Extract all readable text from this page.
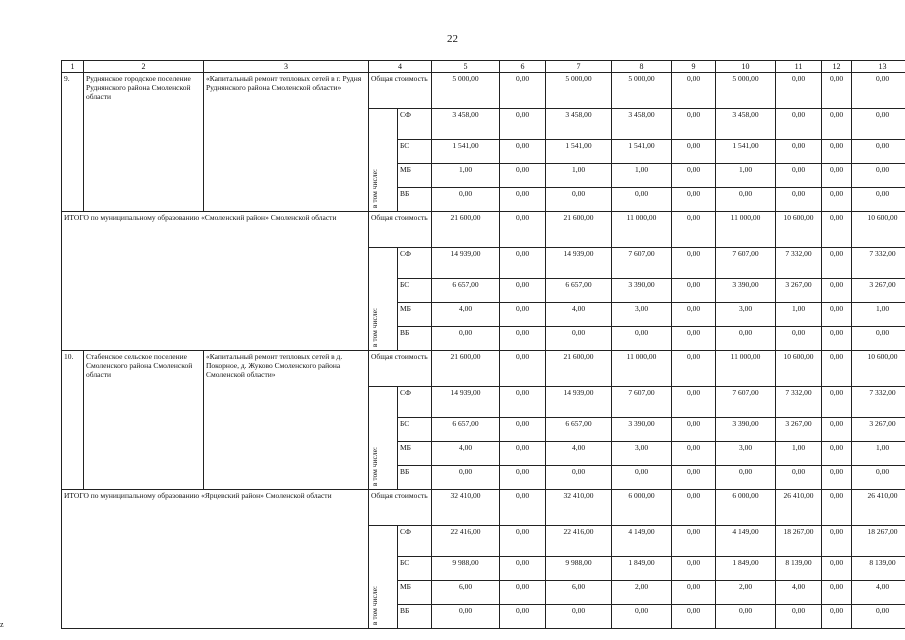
22
1	2	3	4		5	6	7	8	9	10	11	12	13
9.	Руднянское городское поселение Руднянского района Смоленской области	«Капитальный ремонт тепловых сетей в г. Рудня Руднянского района Смоленской области»	Общая стоимость		5 000,00	0,00	5 000,00	5 000,00	0,00	5 000,00	0,00	0,00	0,00

			в том числе:	СФ	3 458,00	0,00	3 458,00	3 458,00	0,00	3 458,00	0,00	0,00	0,00
				БС	1 541,00	0,00	1 541,00	1 541,00	0,00	1 541,00	0,00	0,00	0,00
				МБ	1,00	0,00	1,00	1,00	0,00	1,00	0,00	0,00	0,00
				ВБ	0,00	0,00	0,00	0,00	0,00	0,00	0,00	0,00	0,00
ИТОГО по муниципальному образованию «Смоленский район» Смоленской области			Общая стоимость		21 600,00	0,00	21 600,00	11 000,00	0,00	11 000,00	10 600,00	0,00	10 600,00

			в том числе:	СФ	14 939,00	0,00	14 939,00	7 607,00	0,00	7 607,00	7 332,00	0,00	7 332,00
				БС	6 657,00	0,00	6 657,00	3 390,00	0,00	3 390,00	3 267,00	0,00	3 267,00
				МБ	4,00	0,00	4,00	3,00	0,00	3,00	1,00	0,00	1,00
				ВБ	0,00	0,00	0,00	0,00	0,00	0,00	0,00	0,00	0,00
10.	Стабенское сельское поселение Смоленского района Смоленской области	«Капитальный ремонт тепловых сетей в д. Покорное, д. Жуково Смоленского района Смоленской области»	Общая стоимость		21 600,00	0,00	21 600,00	11 000,00	0,00	11 000,00	10 600,00	0,00	10 600,00

			в том числе:	СФ	14 939,00	0,00	14 939,00	7 607,00	0,00	7 607,00	7 332,00	0,00	7 332,00
				БС	6 657,00	0,00	6 657,00	3 390,00	0,00	3 390,00	3 267,00	0,00	3 267,00
				МБ	4,00	0,00	4,00	3,00	0,00	3,00	1,00	0,00	1,00
				ВБ	0,00	0,00	0,00	0,00	0,00	0,00	0,00	0,00	0,00
ИТОГО по муниципальному образованию «Ярцевский район» Смоленской области			Общая стоимость		32 410,00	0,00	32 410,00	6 000,00	0,00	6 000,00	26 410,00	0,00	26 410,00

			в том числе:	СФ	22 416,00	0,00	22 416,00	4 149,00	0,00	4 149,00	18 267,00	0,00	18 267,00
				БС	9 988,00	0,00	9 988,00	1 849,00	0,00	1 849,00	8 139,00	0,00	8 139,00
				МБ	6,00	0,00	6,00	2,00	0,00	2,00	4,00	0,00	4,00
				ВБ	0,00	0,00	0,00	0,00	0,00	0,00	0,00	0,00	0,00
z
